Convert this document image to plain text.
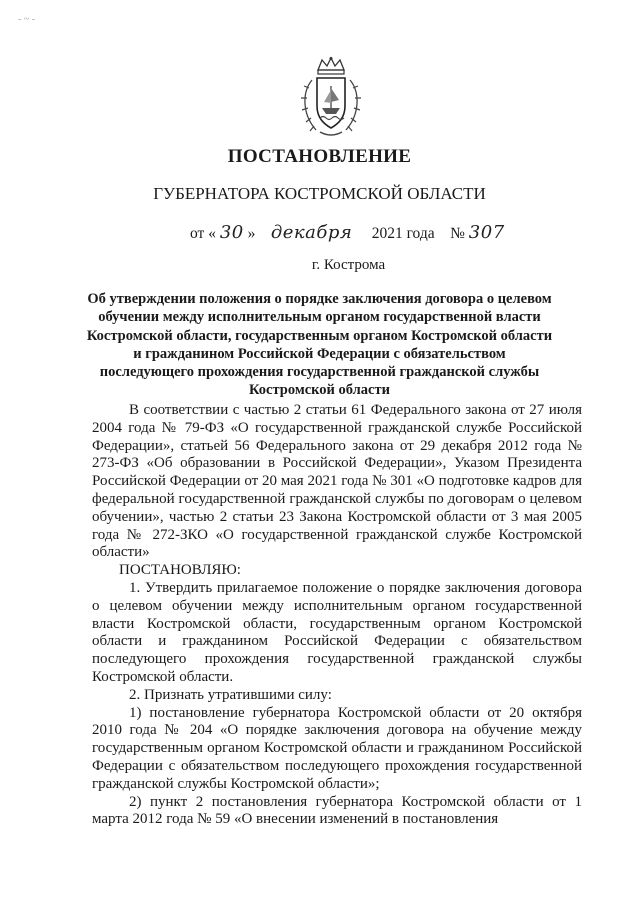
- ~ -
ПОСТАНОВЛЕНИЕ
ГУБЕРНАТОРА КОСТРОМСКОЙ ОБЛАСТИ
от « 30 » декабря 2021 года № 307
г. Кострома
Об утверждении положения о порядке заключения договора о целевом
обучении между исполнительным органом государственной власти
Костромской области, государственным органом Костромской области
и гражданином Российской Федерации с обязательством
последующего прохождения государственной гражданской службы
Костромской области

В соответствии с частью 2 статьи 61 Федерального закона от 27 июля 2004 года № 79-ФЗ «О государственной гражданской службе Российской Федерации», статьей 56 Федерального закона от 29 декабря 2012 года № 273-ФЗ «Об образовании в Российской Федерации», Указом Президента Российской Федерации от 20 мая 2021 года № 301 «О подготовке кадров для федеральной государственной гражданской службы по договорам о целевом обучении», частью 2 статьи 23 Закона Костромской области от 3 мая 2005 года № 272-ЗКО «О государственной гражданской службе Костромской области»

ПОСТАНОВЛЯЮ:

1. Утвердить прилагаемое положение о порядке заключения договора о целевом обучении между исполнительным органом государственной власти Костромской области, государственным органом Костромской области и гражданином Российской Федерации с обязательством последующего прохождения государственной гражданской службы Костромской области.

2. Признать утратившими силу:

1) постановление губернатора Костромской области от 20 октября 2010 года № 204 «О порядке заключения договора на обучение между государственным органом Костромской области и гражданином Российской Федерации с обязательством последующего прохождения государственной гражданской службы Костромской области»;

2) пункт 2 постановления губернатора Костромской области от 1 марта 2012 года № 59 «О внесении изменений в постановления
